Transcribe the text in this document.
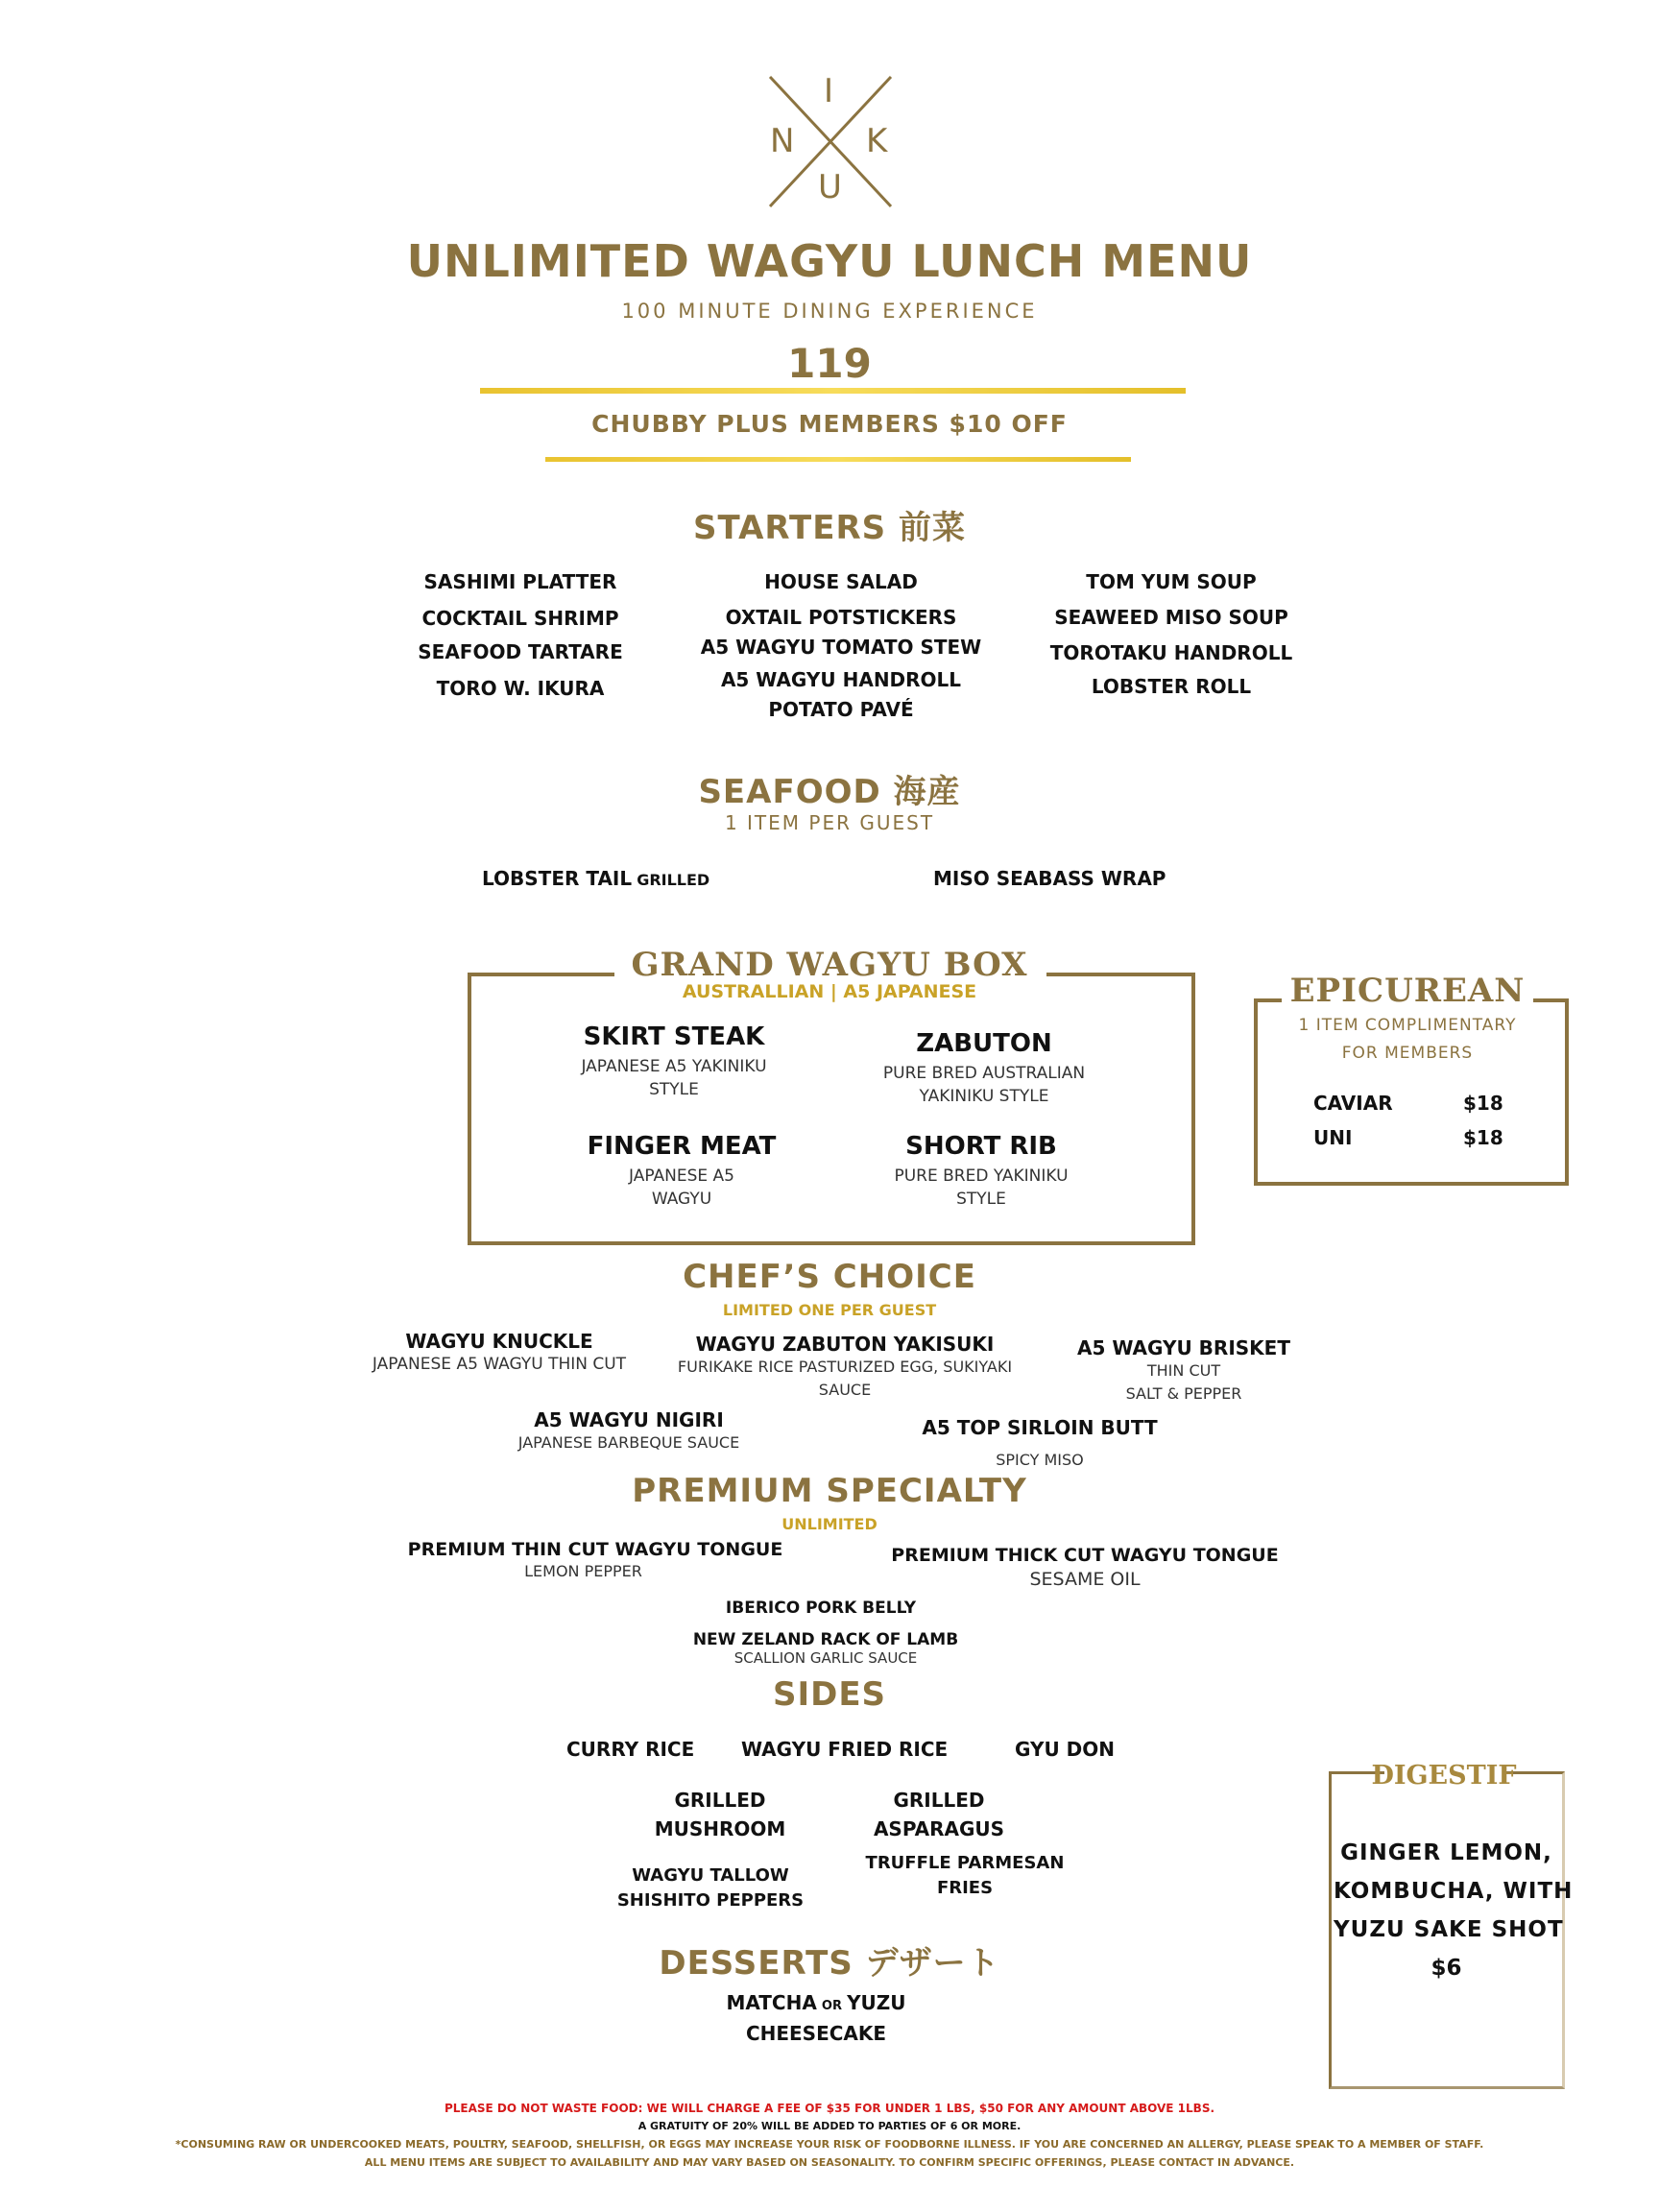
I
N K
U
UNLIMITED WAGYU LUNCH MENU
100 MINUTE DINING EXPERIENCE
119
CHUBBY PLUS MEMBERS $10 OFF
STARTERS 前菜
SASHIMI PLATTER
COCKTAIL SHRIMP
SEAFOOD TARTARE
TORO W. IKURA
HOUSE SALAD
OXTAIL POTSTICKERS
A5 WAGYU TOMATO STEW
A5 WAGYU HANDROLL
POTATO PAVÉ
TOM YUM SOUP
SEAWEED MISO SOUP
TOROTAKU HANDROLL
LOBSTER ROLL
SEAFOOD 海産
1 ITEM PER GUEST
LOBSTER TAIL GRILLED	MISO SEABASS WRAP
GRAND WAGYU BOX
AUSTRALLIAN | A5 JAPANESE
SKIRT STEAK
JAPANESE A5 YAKINIKU
STYLE
ZABUTON
PURE BRED AUSTRALIAN
YAKINIKU STYLE
FINGER MEAT
JAPANESE A5
WAGYU
SHORT RIB
PURE BRED YAKINIKU
STYLE
EPICUREAN
1 ITEM COMPLIMENTARY
FOR MEMBERS
CAVIAR	$18
UNI	$18
CHEF’S CHOICE
LIMITED ONE PER GUEST
WAGYU KNUCKLE
JAPANESE A5 WAGYU THIN CUT
WAGYU ZABUTON YAKISUKI
FURIKAKE RICE PASTURIZED EGG, SUKIYAKI
SAUCE
A5 WAGYU BRISKET
THIN CUT
SALT & PEPPER
A5 WAGYU NIGIRI
JAPANESE BARBEQUE SAUCE
A5 TOP SIRLOIN BUTT
SPICY MISO
PREMIUM SPECIALTY
UNLIMITED
PREMIUM THIN CUT WAGYU TONGUE
LEMON PEPPER
PREMIUM THICK CUT WAGYU TONGUE
SESAME OIL
IBERICO PORK BELLY
NEW ZELAND RACK OF LAMB
SCALLION GARLIC SAUCE
SIDES
CURRY RICE WAGYU FRIED RICE	GYU DON
GRILLED
MUSHROOM
GRILLED
ASPARAGUS
WAGYU TALLOW
SHISHITO PEPPERS
TRUFFLE PARMESAN
FRIES
DESSERTS デザート
MATCHA OR YUZU
CHEESECAKE
DIGESTIF
GINGER LEMON,
KOMBUCHA, WITH
YUZU SAKE SHOT
$6
PLEASE DO NOT WASTE FOOD: WE WILL CHARGE A FEE OF $35 FOR UNDER 1 LBS, $50 FOR ANY AMOUNT ABOVE 1LBS.
A GRATUITY OF 20% WILL BE ADDED TO PARTIES OF 6 OR MORE.
*CONSUMING RAW OR UNDERCOOKED MEATS, POULTRY, SEAFOOD, SHELLFISH, OR EGGS MAY INCREASE YOUR RISK OF FOODBORNE ILLNESS. IF YOU ARE CONCERNED AN ALLERGY, PLEASE SPEAK TO A MEMBER OF STAFF.
ALL MENU ITEMS ARE SUBJECT TO AVAILABILITY AND MAY VARY BASED ON SEASONALITY. TO CONFIRM SPECIFIC OFFERINGS, PLEASE CONTACT IN ADVANCE.
